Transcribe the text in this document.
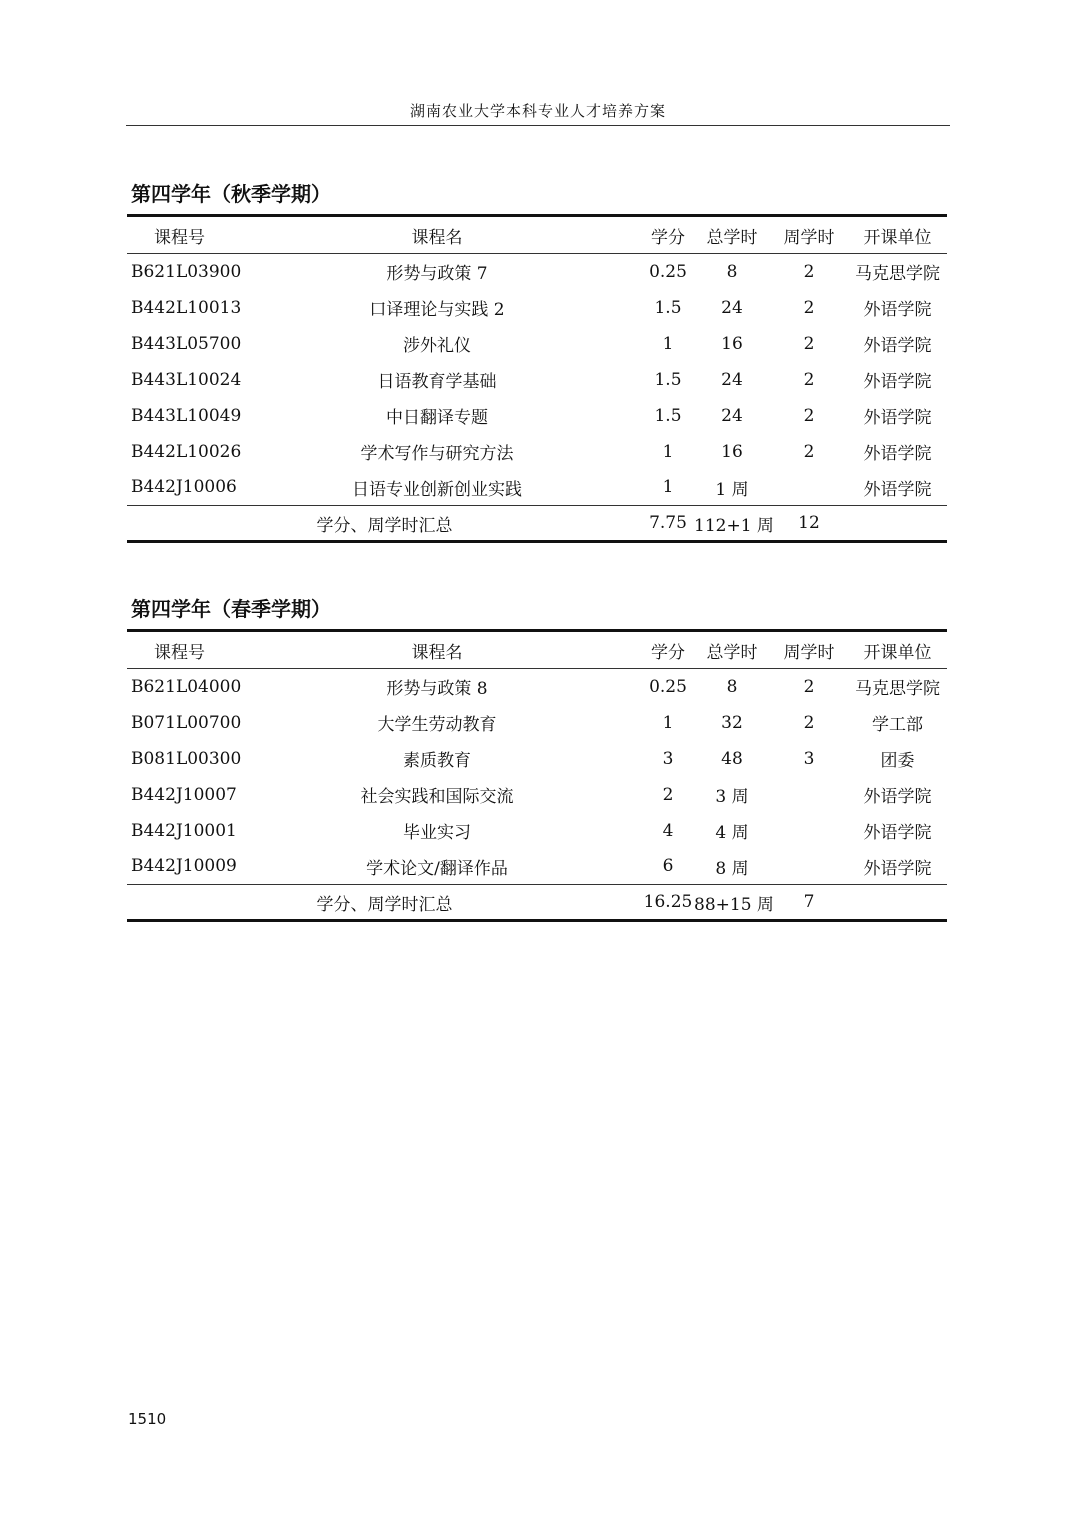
湖南农业大学本科专业人才培养方案
第四学年（秋季学期）
课程号	课程名	学分	总学时	周学时	开课单位
B621L03900	形势与政策 7	0.25	8	2	马克思学院
B442L10013	口译理论与实践 2	1.5	24	2	外语学院
B443L05700	涉外礼仪	1	16	2	外语学院
B443L10024	日语教育学基础	1.5	24	2	外语学院
B443L10049	中日翻译专题	1.5	24	2	外语学院
B442L10026	学术写作与研究方法	1	16	2	外语学院
B442J10006	日语专业创新创业实践	1	1 周		外语学院
学分、周学时汇总		7.75	112+1 周	12	
第四学年（春季学期）
课程号	课程名	学分	总学时	周学时	开课单位
B621L04000	形势与政策 8	0.25	8	2	马克思学院
B071L00700	大学生劳动教育	1	32	2	学工部
B081L00300	素质教育	3	48	3	团委
B442J10007	社会实践和国际交流	2	3 周		外语学院
B442J10001	毕业实习	4	4 周		外语学院
B442J10009	学术论文/翻译作品	6	8 周		外语学院
学分、周学时汇总		16.25	88+15 周	7	
1510
